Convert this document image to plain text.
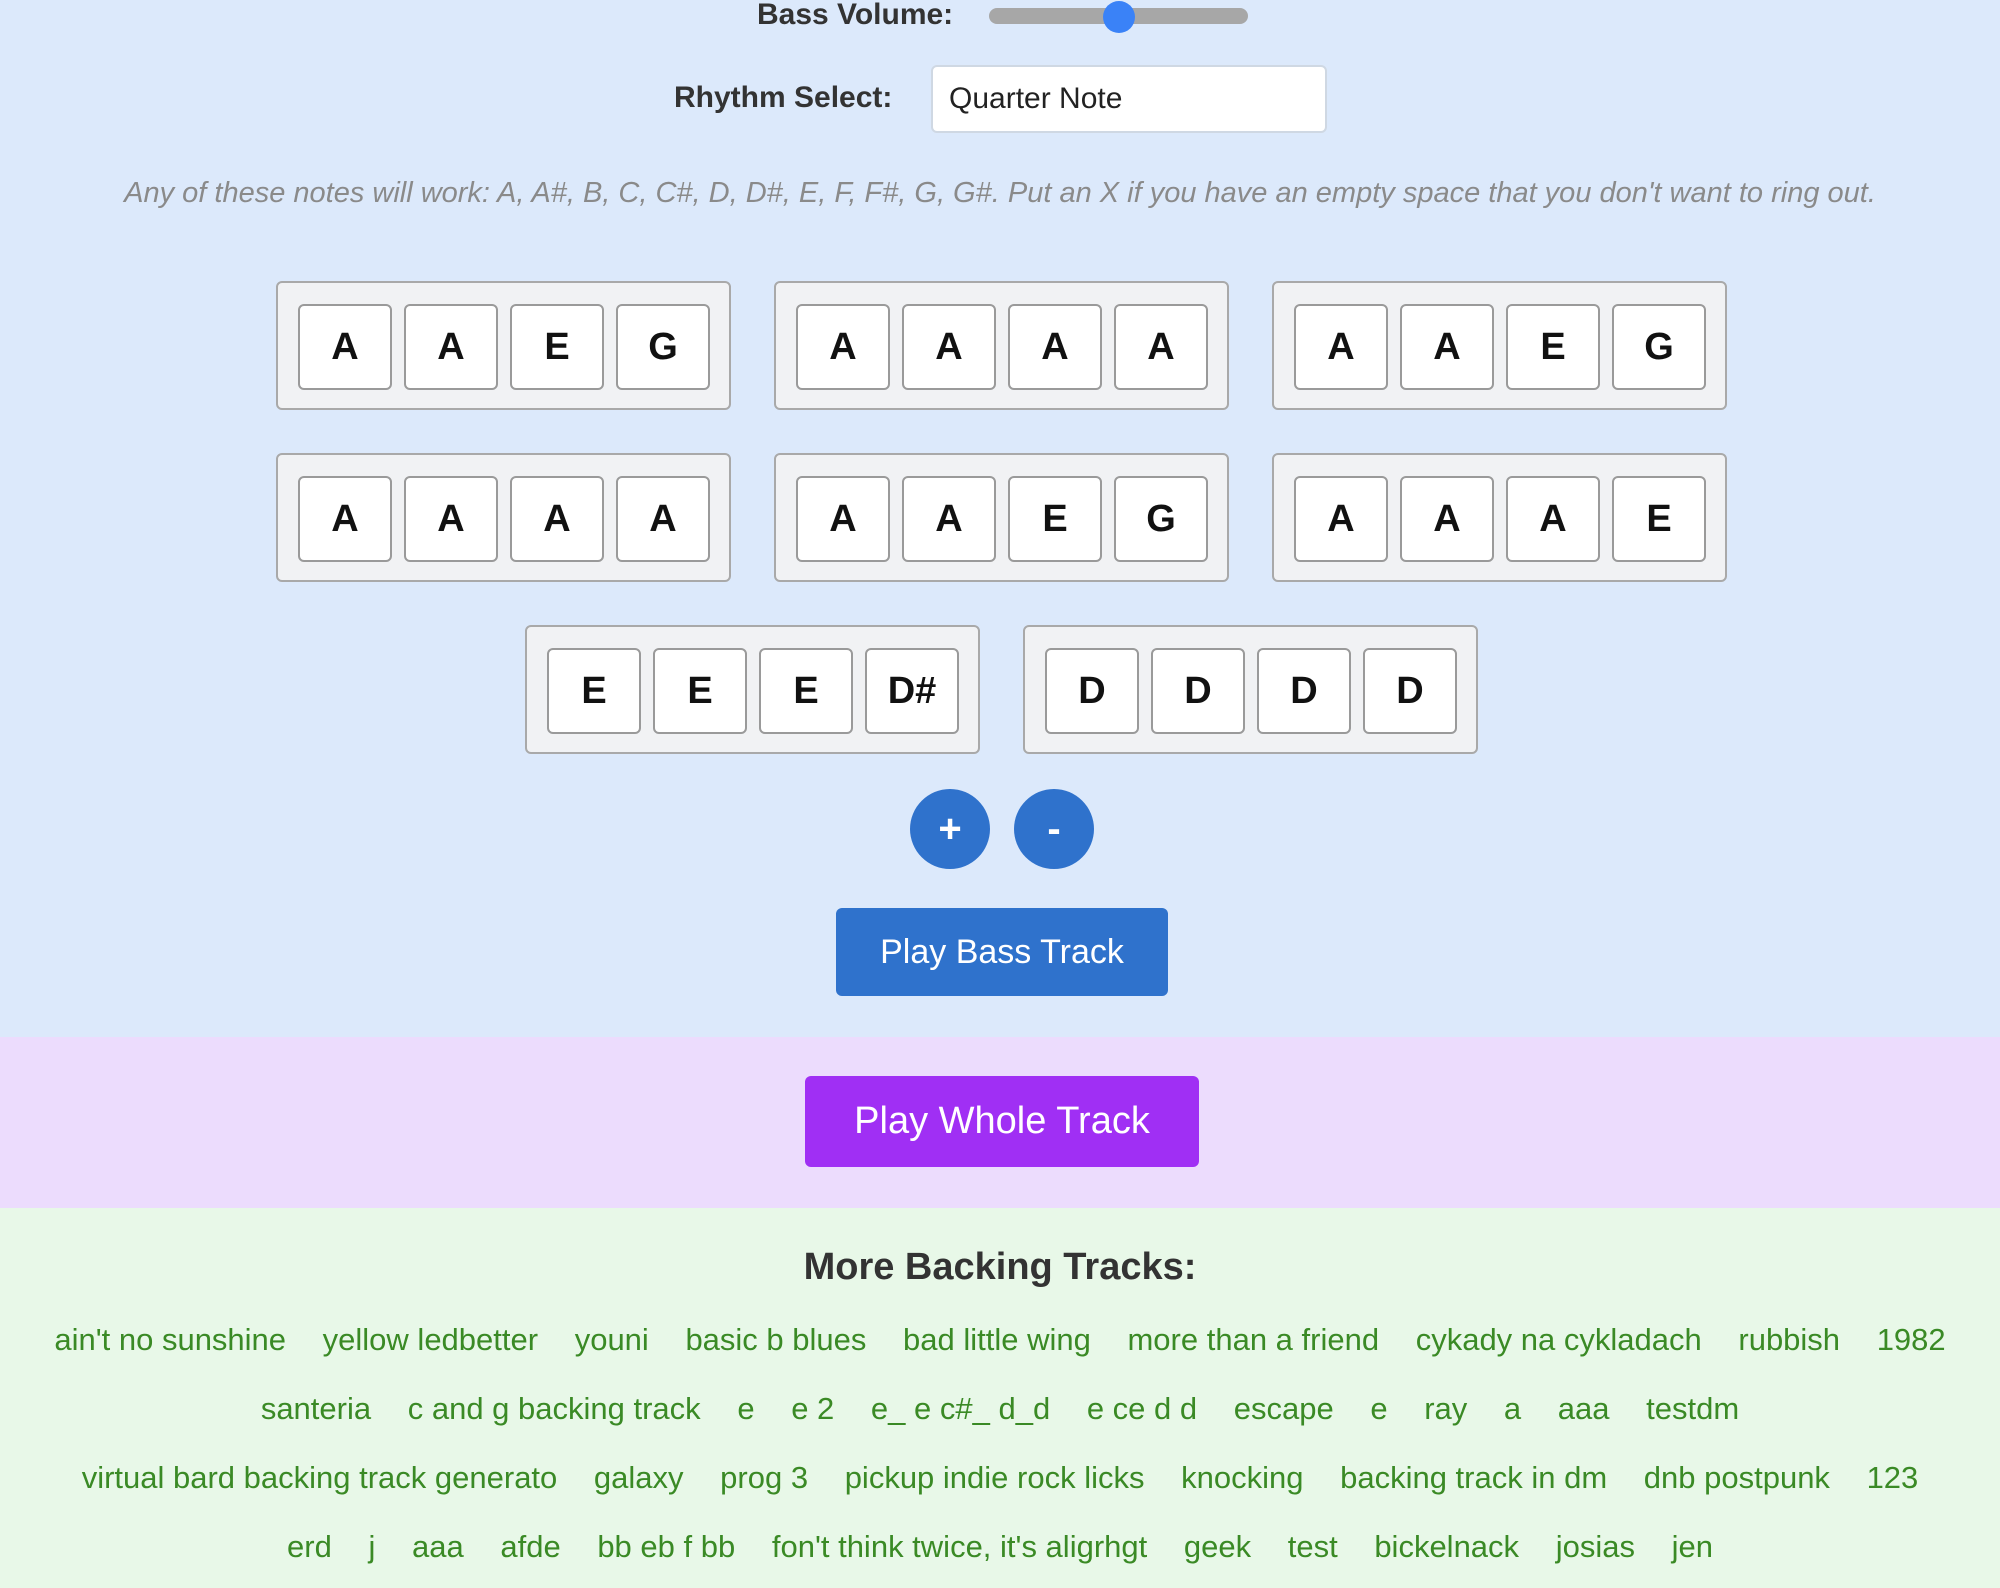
Bass Volume:
Rhythm Select:
Quarter Note
Any of these notes will work: A, A#, B, C, C#, D, D#, E, F, F#, G, G#. Put an X if you have an empty space that you don't want to ring out.
A	A	E	G	A	A	A	A	A	A	E	G
A	A	A	A	A	A	E	G	A	A	A	E
E	E	E	D#	D	D	D	D
+	-
Play Bass Track
Play Whole Track
More Backing Tracks:
ain't no sunshine yellow ledbetter youni basic b blues bad little wing more than a friend cykady na cykladach rubbish 1982 santeria c and g backing track e e 2 e_ e c#_ d_d e ce d d escape e ray a aaa testdm virtual bard backing track generato galaxy prog 3 pickup indie rock licks knocking backing track in dm dnb postpunk 123 erd j aaa afde bb eb f bb fon't think twice, it's aligrhgt geek test bickelnack josias jen
